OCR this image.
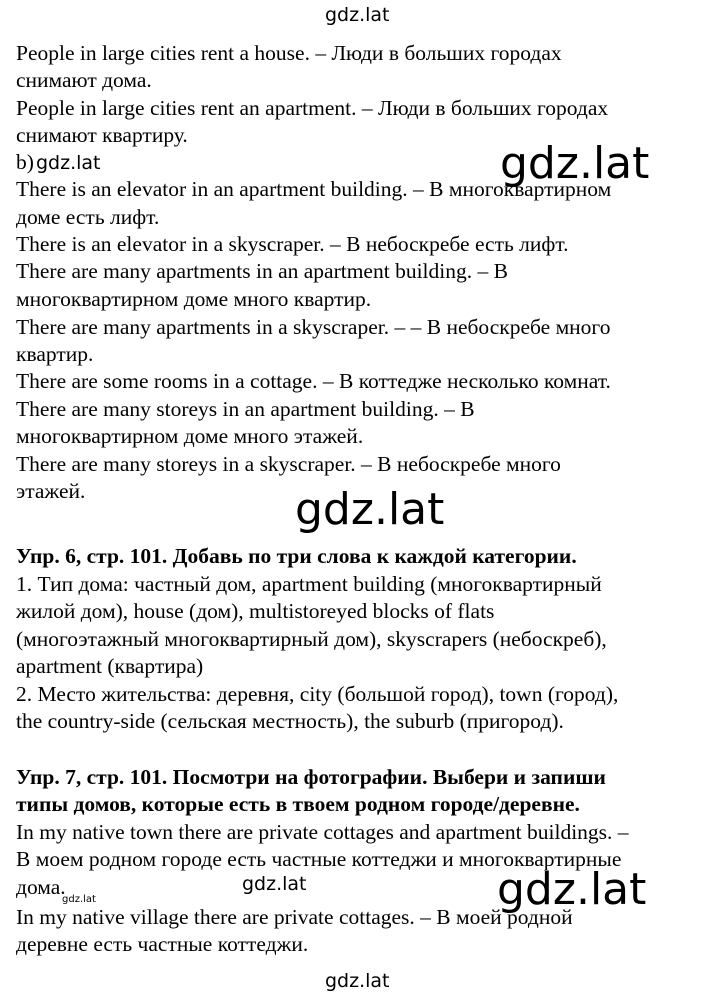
gdz.lat
People in large cities rent a house. – Люди в больших городах
снимают дома.
People in large cities rent an apartment. – Люди в больших городах
снимают квартиру.
b) gdz.lat	gdz.lat
There is an elevator in an apartment building. – В многоквартирном
доме есть лифт.
There is an elevator in a skyscraper. – В небоскребе есть лифт.
There are many apartments in an apartment building. – В
многоквартирном доме много квартир.
There are many apartments in a skyscraper. – – В небоскребе много
квартир.
There are some rooms in a cottage. – В коттедже несколько комнат.
There are many storeys in an apartment building. – В
многоквартирном доме много этажей.
There are many storeys in a skyscraper. – В небоскребе много
этажей.	gdz.lat
Упр. 6, стр. 101. Добавь по три слова к каждой категории.
1. Тип дома: частный дом, apartment building (многоквартирный
жилой дом), house (дом), multistoreyed blocks of flats
(многоэтажный многоквартирный дом), skyscrapers (небоскреб),
apartment (квартира)
2. Место жительства: деревня, city (большой город), town (город),
the country-side (сельская местность), the suburb (пригород).
Упр. 7, стр. 101. Посмотри на фотографии. Выбери и запиши
типы домов, которые есть в твоем родном городе/деревне.
In my native town there are private cottages and apartment buildings. –
В моем родном городе есть частные коттеджи и многоквартирные
дома.	gdz.lat	gdz.lat
gdz.lat
In my native village there are private cottages. – В моей родной
деревне есть частные коттеджи.
gdz.lat
